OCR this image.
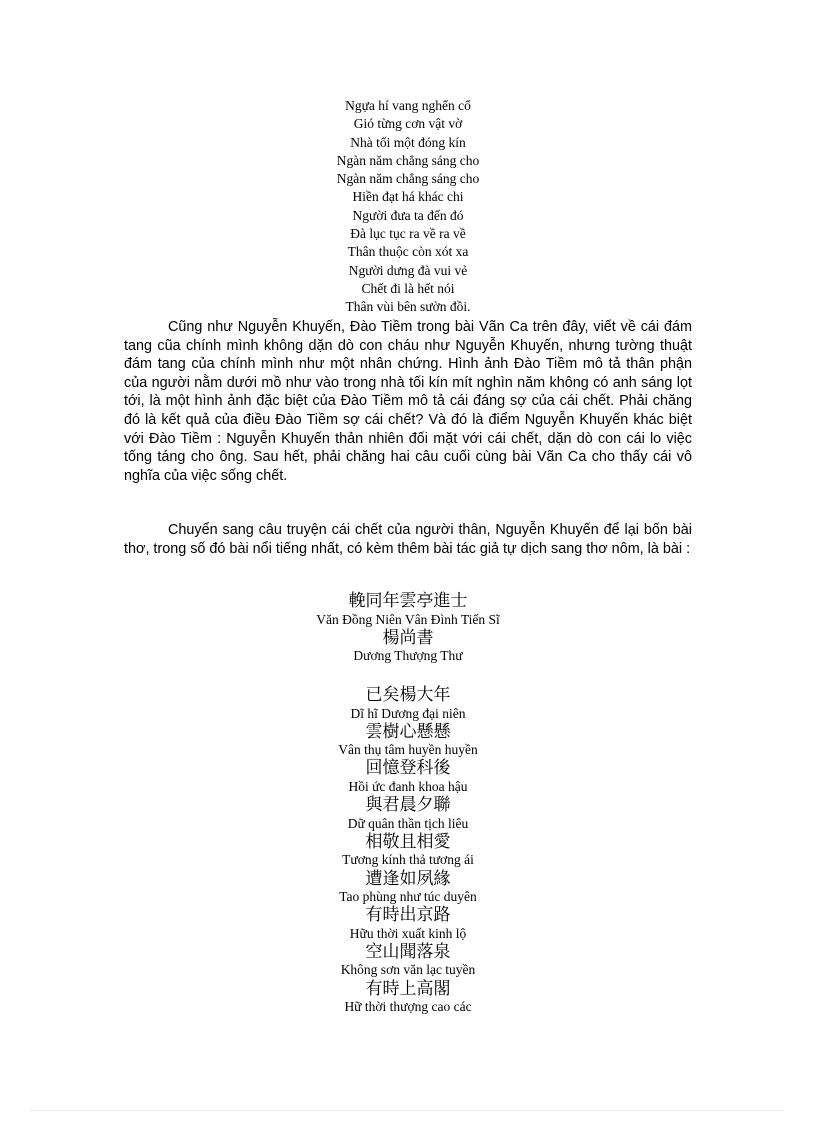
Ngựa hí vang nghển cổ
Gió từng cơn vật vờ
Nhà tối một đóng kín
Ngàn năm chẳng sáng cho
Ngàn năm chẳng sáng cho
Hiền đạt há khác chi
Người đưa ta đến đó
Đà lục tục ra về ra về
Thân thuộc còn xót xa
Người dưng đà vui vẻ
Chết đi là hết nói
Thân vùi bên sườn đồi.

Cũng như Nguyễn Khuyến, Đào Tiềm trong bài Vãn Ca trên đây, viết về cái đám tang cũa chính mình không dặn dò con cháu như Nguyễn Khuyến, nhưng tường thuật đám tang của chính mình như một nhân chứng. Hình ảnh Đào Tiềm mô tả thân phận của người nằm dưới mồ như vào trong nhà tối kín mít nghìn năm không có anh sáng lọt tới, là một hình ảnh đặc biệt của Đào Tiềm mô tả cái đáng sợ của cái chết. Phải chăng đó là kết quả của điều Đào Tiềm sợ cái chết? Và đó là điểm Nguyễn Khuyến khác biệt với Đào Tiềm : Nguyễn Khuyến thản nhiên đối mặt với cái chết, dặn dò con cái lo việc tống táng cho ông. Sau hết, phải chăng hai câu cuối cùng bài Vãn Ca cho thấy cái vô nghĩa của việc sống chết.

Chuyển sang câu truyện cái chết của người thân, Nguyễn Khuyến để lại bốn bài thơ, trong số đó bài nổi tiếng nhất, có kèm thêm bài tác giả tự dịch sang thơ nôm, là bài :

輓同年雲亭進士
Văn Đồng Niên Vân Đình Tiến Sĩ
楊尚書
Dương Thượng Thư
已矣楊大年
Dĩ hĩ Dương đại niên
雲樹心懸懸
Vân thụ tâm huyền huyền
回憶登科後
Hồi ức đanh khoa hậu
與君晨夕聯
Dữ quân thần tịch liêu
相敬且相愛
Tương kính thả tương ái
遭逢如夙緣
Tao phùng như túc duyên
有時出京路
Hữu thời xuất kinh lộ
空山聞落泉
Không sơn văn lạc tuyền
有時上高閣
Hữ thời thượng cao các
